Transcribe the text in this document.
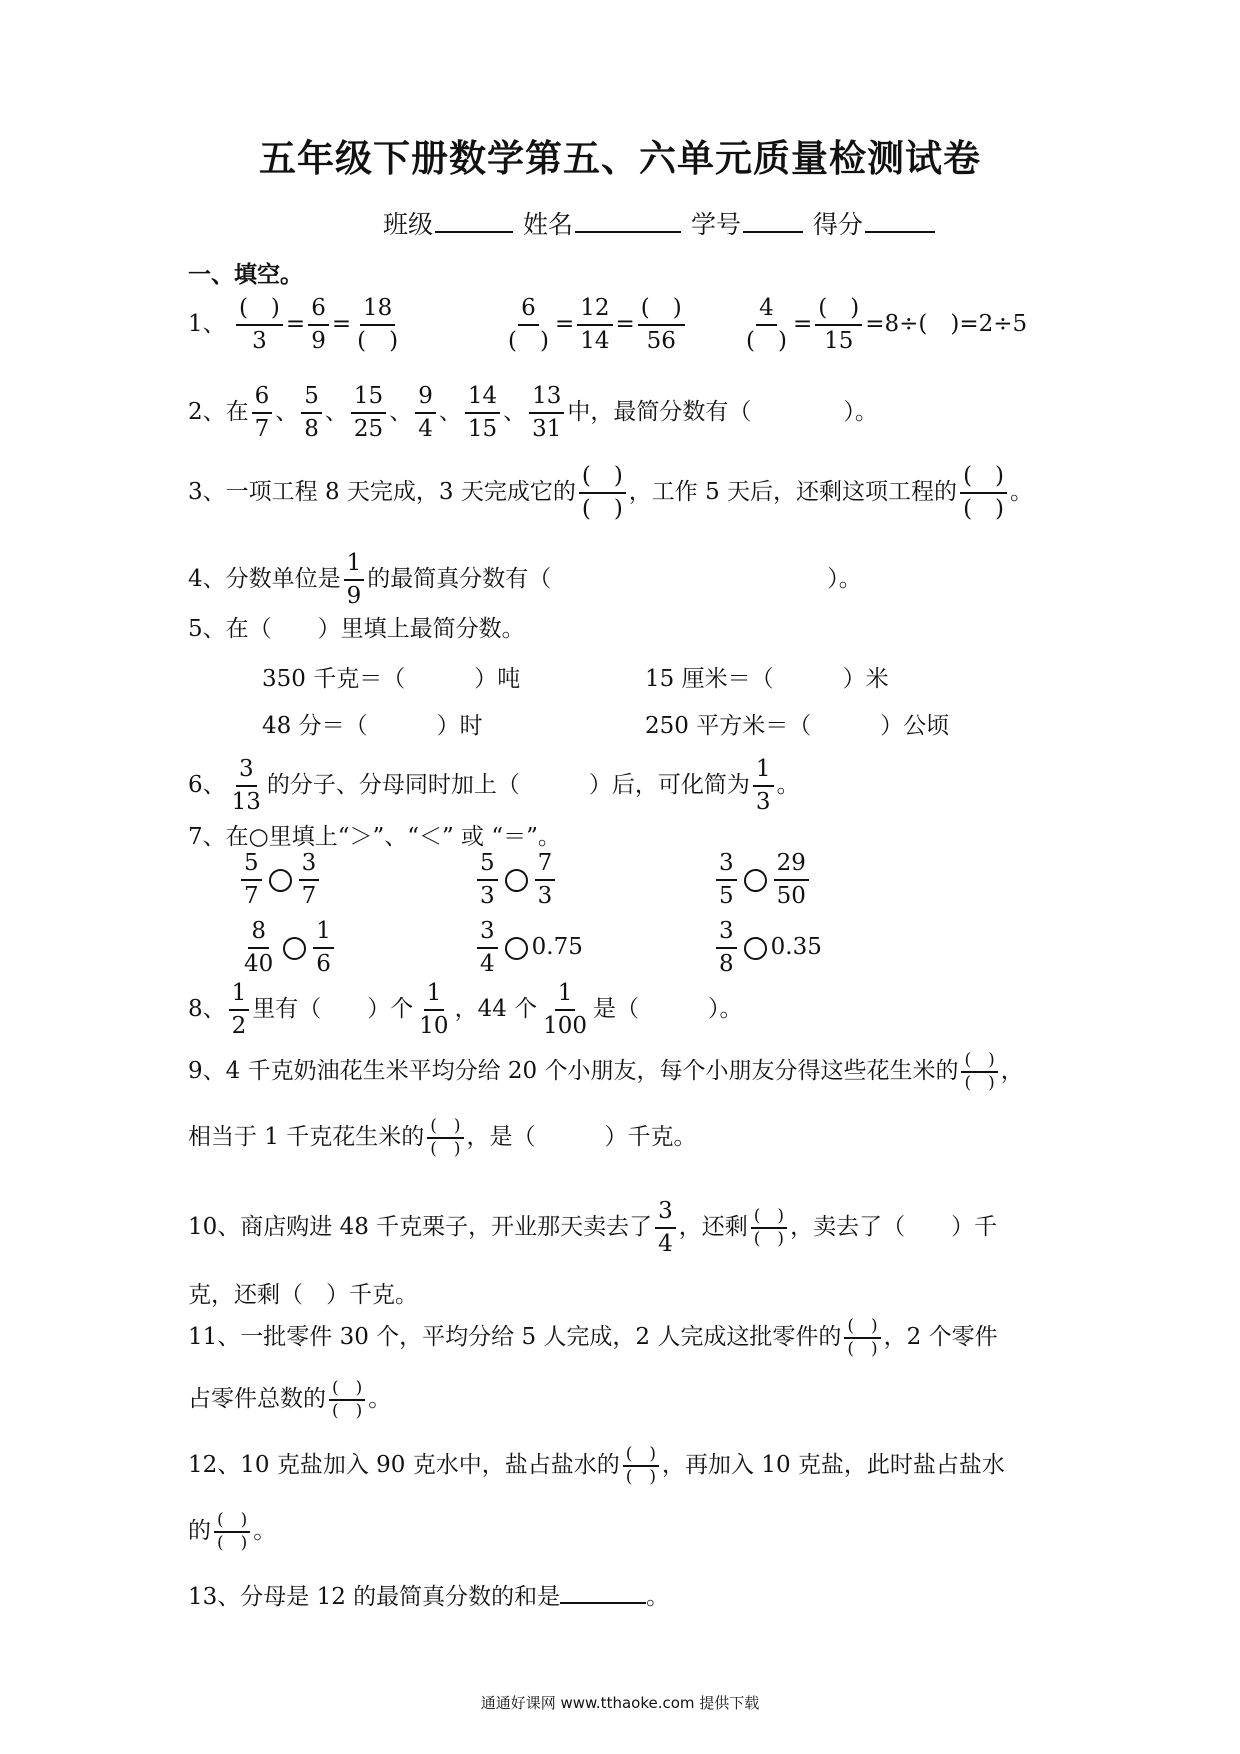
五年级下册数学第五、六单元质量检测试卷
班级	姓名	学号	得分
一、填空。
1、 $\frac{( )}{3} = \frac{6}{9} = \frac{18}{( )}$	$\frac{6}{( )} = \frac{12}{14} = \frac{( )}{56}$	$\frac{4}{( )} = \frac{( )}{15} =8\div$(　)=2÷5
2、在 $\frac{6}{7}$ 、 $\frac{5}{8}$ 、 $\frac{15}{25}$ 、 $\frac{9}{4}$ 、 $\frac{14}{15}$ 、 $\frac{13}{31}$ 中，最简分数有（　　　　）。
3、一项工程 8 天完成，3 天完成它的 $\frac{( )}{( )}$ ，工作 5 天后，还剩这项工程的 $\frac{( )}{( )}$ 。
4、分数单位是 $\frac{1}{9}$ 的最简真分数有（　　　　　　　　　　　　）。
5、在（　　）里填上最简分数。
350 千克＝（　　　）吨	15 厘米＝（　　　）米
48 分＝（　　　）时	250 平方米＝（　　　）公顷
6、 $\frac{3}{13}$ 的分子、分母同时加上（　　　）后，可化简为 $\frac{1}{3}$ 。
7、在○里填上“＞”、“＜” 或 “＝”。
$\frac{5}{7} \frac{3}{7}$	$\frac{5}{3} \frac{7}{3}$	$\frac{3}{5} \frac{29}{50}$
$\frac{8}{40} \frac{1}{6}$	$\frac{3}{4} 0.75$	$\frac{3}{8} 0.35$
8、 $\frac{1}{2}$ 里有（　　）个 $\frac{1}{10}$ ，44 个 $\frac{1}{100}$ 是（　　　）。
9、4 千克奶油花生米平均分给 20 个小朋友，每个小朋友分得这些花生米的 $\frac{( )}{( )}$ ，
相当于 1 千克花生米的 $\frac{( )}{( )}$ ，是（　　　）千克。
10、商店购进 48 千克栗子，开业那天卖去了 $\frac{3}{4}$ ，还剩 $\frac{( )}{( )}$ ，卖去了（　　）千
克，还剩（　）千克。
11、一批零件 30 个，平均分给 5 人完成，2 人完成这批零件的 $\frac{( )}{( )}$ ，2 个零件
占零件总数的 $\frac{( )}{( )}$ 。
12、10 克盐加入 90 克水中，盐占盐水的 $\frac{( )}{( )}$ ，再加入 10 克盐，此时盐占盐水
的 $\frac{( )}{( )}$ 。
13、分母是 12 的最简真分数的和是	。
通通好课网 www.tthaoke.com 提供下载
